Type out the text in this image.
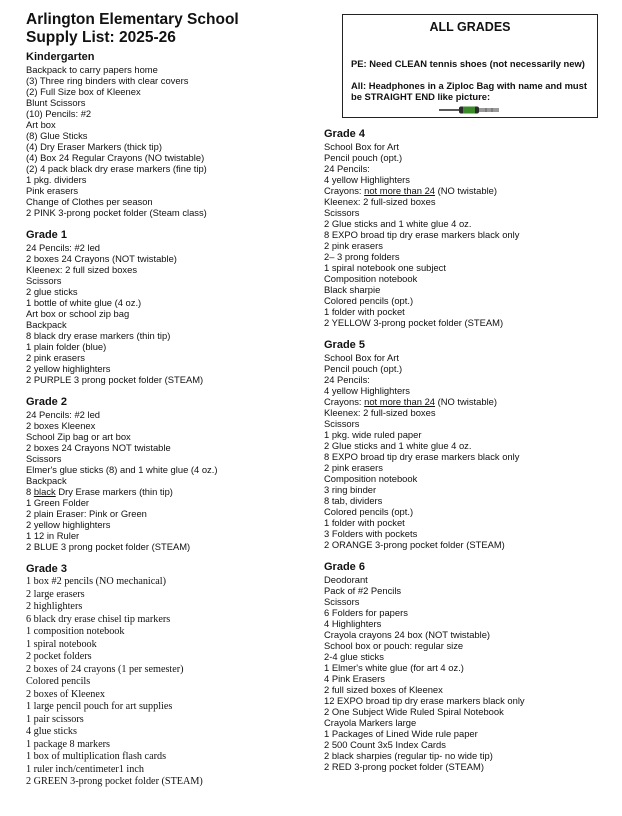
Arlington Elementary School
Supply List: 2025-26
ALL GRADES
PE: Need CLEAN tennis shoes (not necessarily new)
All: Headphones in a Ziploc Bag with name and must
be STRAIGHT END like picture:
Kindergarten
Backpack to carry papers home
(3) Three ring binders with clear covers
(2) Full Size box of Kleenex
Blunt Scissors
(10) Pencils: #2
Art box
(8) Glue Sticks
(4) Dry Eraser Markers (thick tip)
(4) Box 24 Regular Crayons (NO twistable)
(2) 4 pack black dry erase markers (fine tip)
1 pkg. dividers
Pink erasers
Change of Clothes per season
2 PINK 3-prong pocket folder (Steam class)
Grade 1
24 Pencils: #2 led
2 boxes 24 Crayons (NOT twistable)
Kleenex: 2 full sized boxes
Scissors
2 glue sticks
1 bottle of white glue (4 oz.)
Art box or school zip bag
Backpack
8 black dry erase markers (thin tip)
1 plain folder (blue)
2 pink erasers
2 yellow highlighters
2 PURPLE 3 prong pocket folder (STEAM)
Grade 2
24 Pencils: #2 led
2 boxes Kleenex
School Zip bag or art box
2 boxes 24 Crayons NOT twistable
Scissors
Elmer's glue sticks (8) and 1 white glue (4 oz.)
Backpack
8 black Dry Erase markers (thin tip)
1 Green Folder
2 plain Eraser: Pink or Green
2 yellow highlighters
1 12 in Ruler
2 BLUE 3 prong pocket folder (STEAM)
Grade 3
1 box #2 pencils (NO mechanical)
2 large erasers
2 highlighters
6 black dry erase chisel tip markers
1 composition notebook
1 spiral notebook
2 pocket folders
2 boxes of 24 crayons (1 per semester)
Colored pencils
2 boxes of Kleenex
1 large pencil pouch for art supplies
1 pair scissors
4 glue sticks
1 package 8 markers
1 box of multiplication flash cards
1 ruler inch/centimeter1 inch
2 GREEN 3-prong pocket folder (STEAM)
Grade 4
School Box for Art
Pencil pouch (opt.)
24 Pencils:
4 yellow Highlighters
Crayons: not more than 24 (NO twistable)
Kleenex: 2 full-sized boxes
Scissors
2 Glue sticks and 1 white glue 4 oz.
8 EXPO broad tip dry erase markers black only
2 pink erasers
2– 3 prong folders
1 spiral notebook one subject
Composition notebook
Black sharpie
Colored pencils (opt.)
1 folder with pocket
2 YELLOW 3-prong pocket folder (STEAM)
Grade 5
School Box for Art
Pencil pouch (opt.)
24 Pencils:
4 yellow Highlighters
Crayons: not more than 24 (NO twistable)
Kleenex: 2 full-sized boxes
Scissors
1 pkg. wide ruled paper
2 Glue sticks and 1 white glue 4 oz.
8 EXPO broad tip dry erase markers black only
2 pink erasers
Composition notebook
3 ring binder
8 tab, dividers
Colored pencils (opt.)
1 folder with pocket
3 Folders with pockets
2 ORANGE 3-prong pocket folder (STEAM)
Grade 6
Deodorant
Pack of #2 Pencils
Scissors
6 Folders for papers
4 Highlighters
Crayola crayons 24 box (NOT twistable)
School box or pouch: regular size
2-4 glue sticks
1 Elmer's white glue (for art 4 oz.)
4 Pink Erasers
2 full sized boxes of Kleenex
12 EXPO broad tip dry erase markers black only
2 One Subject Wide Ruled Spiral Notebook
Crayola Markers large
1 Packages of Lined Wide rule paper
2 500 Count 3x5 Index Cards
2 black sharpies (regular tip- no wide tip)
2 RED 3-prong pocket folder (STEAM)
